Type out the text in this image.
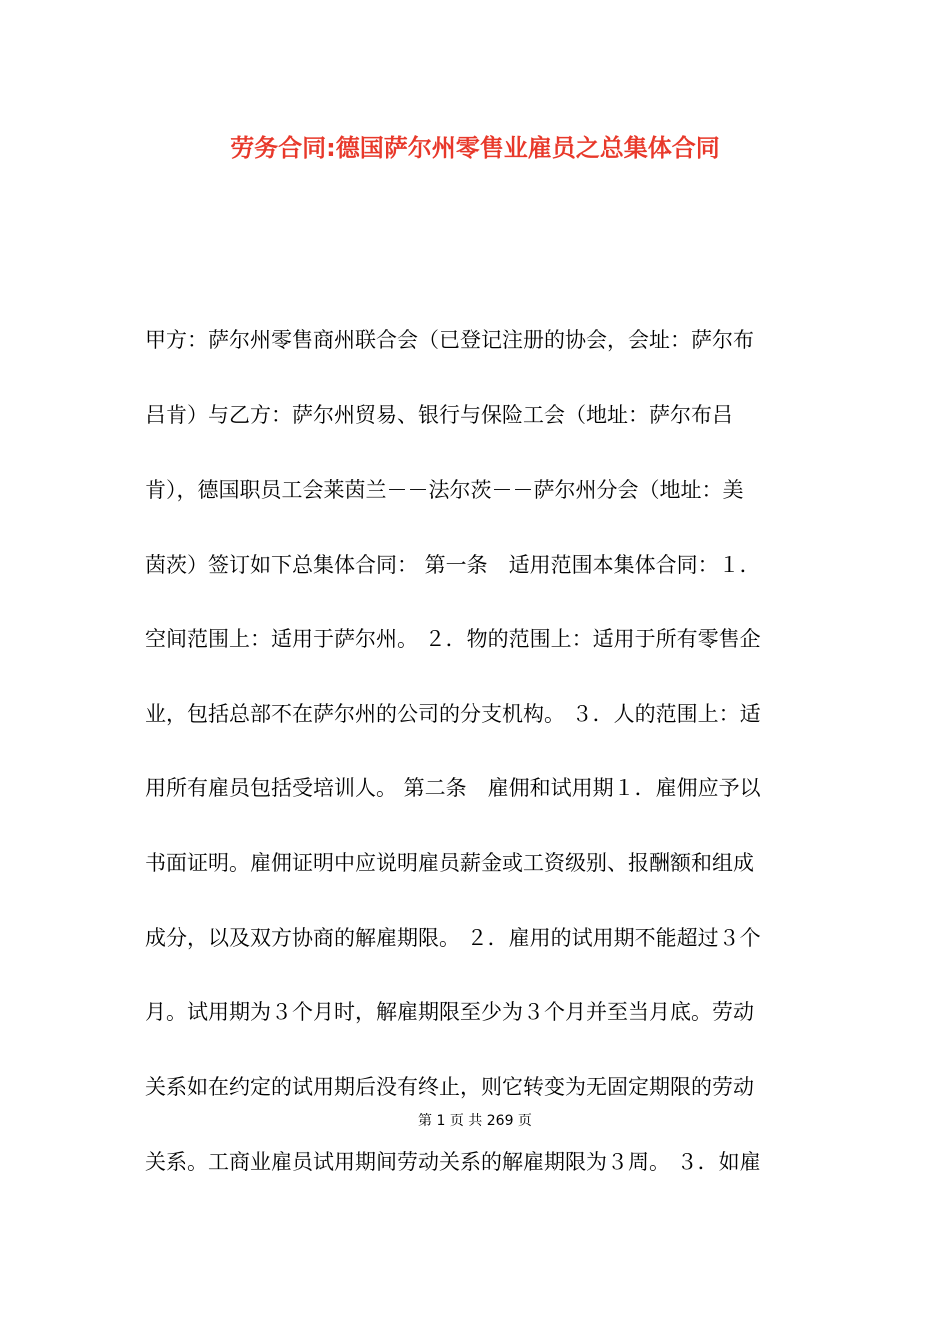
劳务合同:德国萨尔州零售业雇员之总集体合同
甲方：萨尔州零售商州联合会（已登记注册的协会，会址：萨尔布
吕肯）与乙方：萨尔州贸易、银行与保险工会（地址：萨尔布吕
肯），德国职员工会莱茵兰－－法尔茨－－萨尔州分会（地址：美
茵茨）签订如下总集体合同： 第一条　适用范围本集体合同：１．
空间范围上：适用于萨尔州。 ２．物的范围上：适用于所有零售企
业，包括总部不在萨尔州的公司的分支机构。 ３．人的范围上：适
用所有雇员包括受培训人。 第二条　雇佣和试用期１．雇佣应予以
书面证明。雇佣证明中应说明雇员薪金或工资级别、报酬额和组成
成分，以及双方协商的解雇期限。 ２．雇用的试用期不能超过３个
月。试用期为３个月时，解雇期限至少为３个月并至当月底。劳动
关系如在约定的试用期后没有终止，则它转变为无固定期限的劳动
第 1 页 共 269 页
关系。工商业雇员试用期间劳动关系的解雇期限为３周。 ３．如雇
